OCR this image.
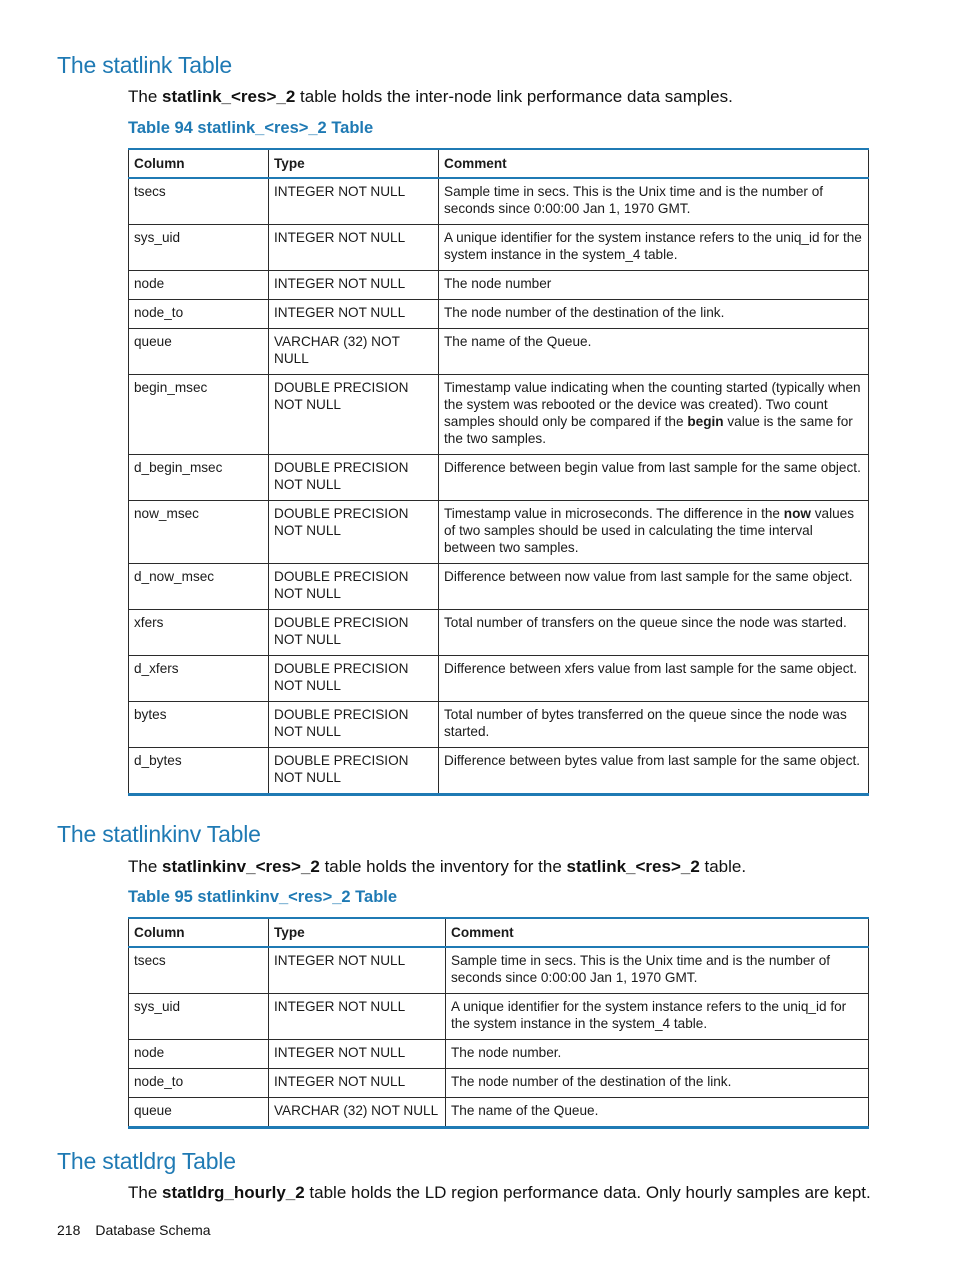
The statlink Table

The statlink_<res>_2 table holds the inter-node link performance data samples.

Table 94 statlink_<res>_2 Table

Column	Type	Comment
tsecs	INTEGER NOT NULL	Sample time in secs. This is the Unix time and is the number of seconds since 0:00:00 Jan 1, 1970 GMT.
sys_uid	INTEGER NOT NULL	A unique identifier for the system instance refers to the uniq_id for the system instance in the system_4 table.
node	INTEGER NOT NULL	The node number
node_to	INTEGER NOT NULL	The node number of the destination of the link.
queue	VARCHAR (32) NOT NULL	The name of the Queue.
begin_msec	DOUBLE PRECISION NOT NULL	Timestamp value indicating when the counting started (typically when the system was rebooted or the device was created). Two count samples should only be compared if the begin value is the same for the two samples.
d_begin_msec	DOUBLE PRECISION NOT NULL	Difference between begin value from last sample for the same object.
now_msec	DOUBLE PRECISION NOT NULL	Timestamp value in microseconds. The difference in the now values of two samples should be used in calculating the time interval between two samples.
d_now_msec	DOUBLE PRECISION NOT NULL	Difference between now value from last sample for the same object.
xfers	DOUBLE PRECISION NOT NULL	Total number of transfers on the queue since the node was started.
d_xfers	DOUBLE PRECISION NOT NULL	Difference between xfers value from last sample for the same object.
bytes	DOUBLE PRECISION NOT NULL	Total number of bytes transferred on the queue since the node was started.
d_bytes	DOUBLE PRECISION NOT NULL	Difference between bytes value from last sample for the same object.
The statlinkinv Table

The statlinkinv_<res>_2 table holds the inventory for the statlink_<res>_2 table.

Table 95 statlinkinv_<res>_2 Table

Column	Type	Comment
tsecs	INTEGER NOT NULL	Sample time in secs. This is the Unix time and is the number of seconds since 0:00:00 Jan 1, 1970 GMT.
sys_uid	INTEGER NOT NULL	A unique identifier for the system instance refers to the uniq_id for the system instance in the system_4 table.
node	INTEGER NOT NULL	The node number.
node_to	INTEGER NOT NULL	The node number of the destination of the link.
queue	VARCHAR (32) NOT NULL	The name of the Queue.
The statldrg Table

The statldrg_hourly_2 table holds the LD region performance data. Only hourly samples are kept.

218 Database Schema
